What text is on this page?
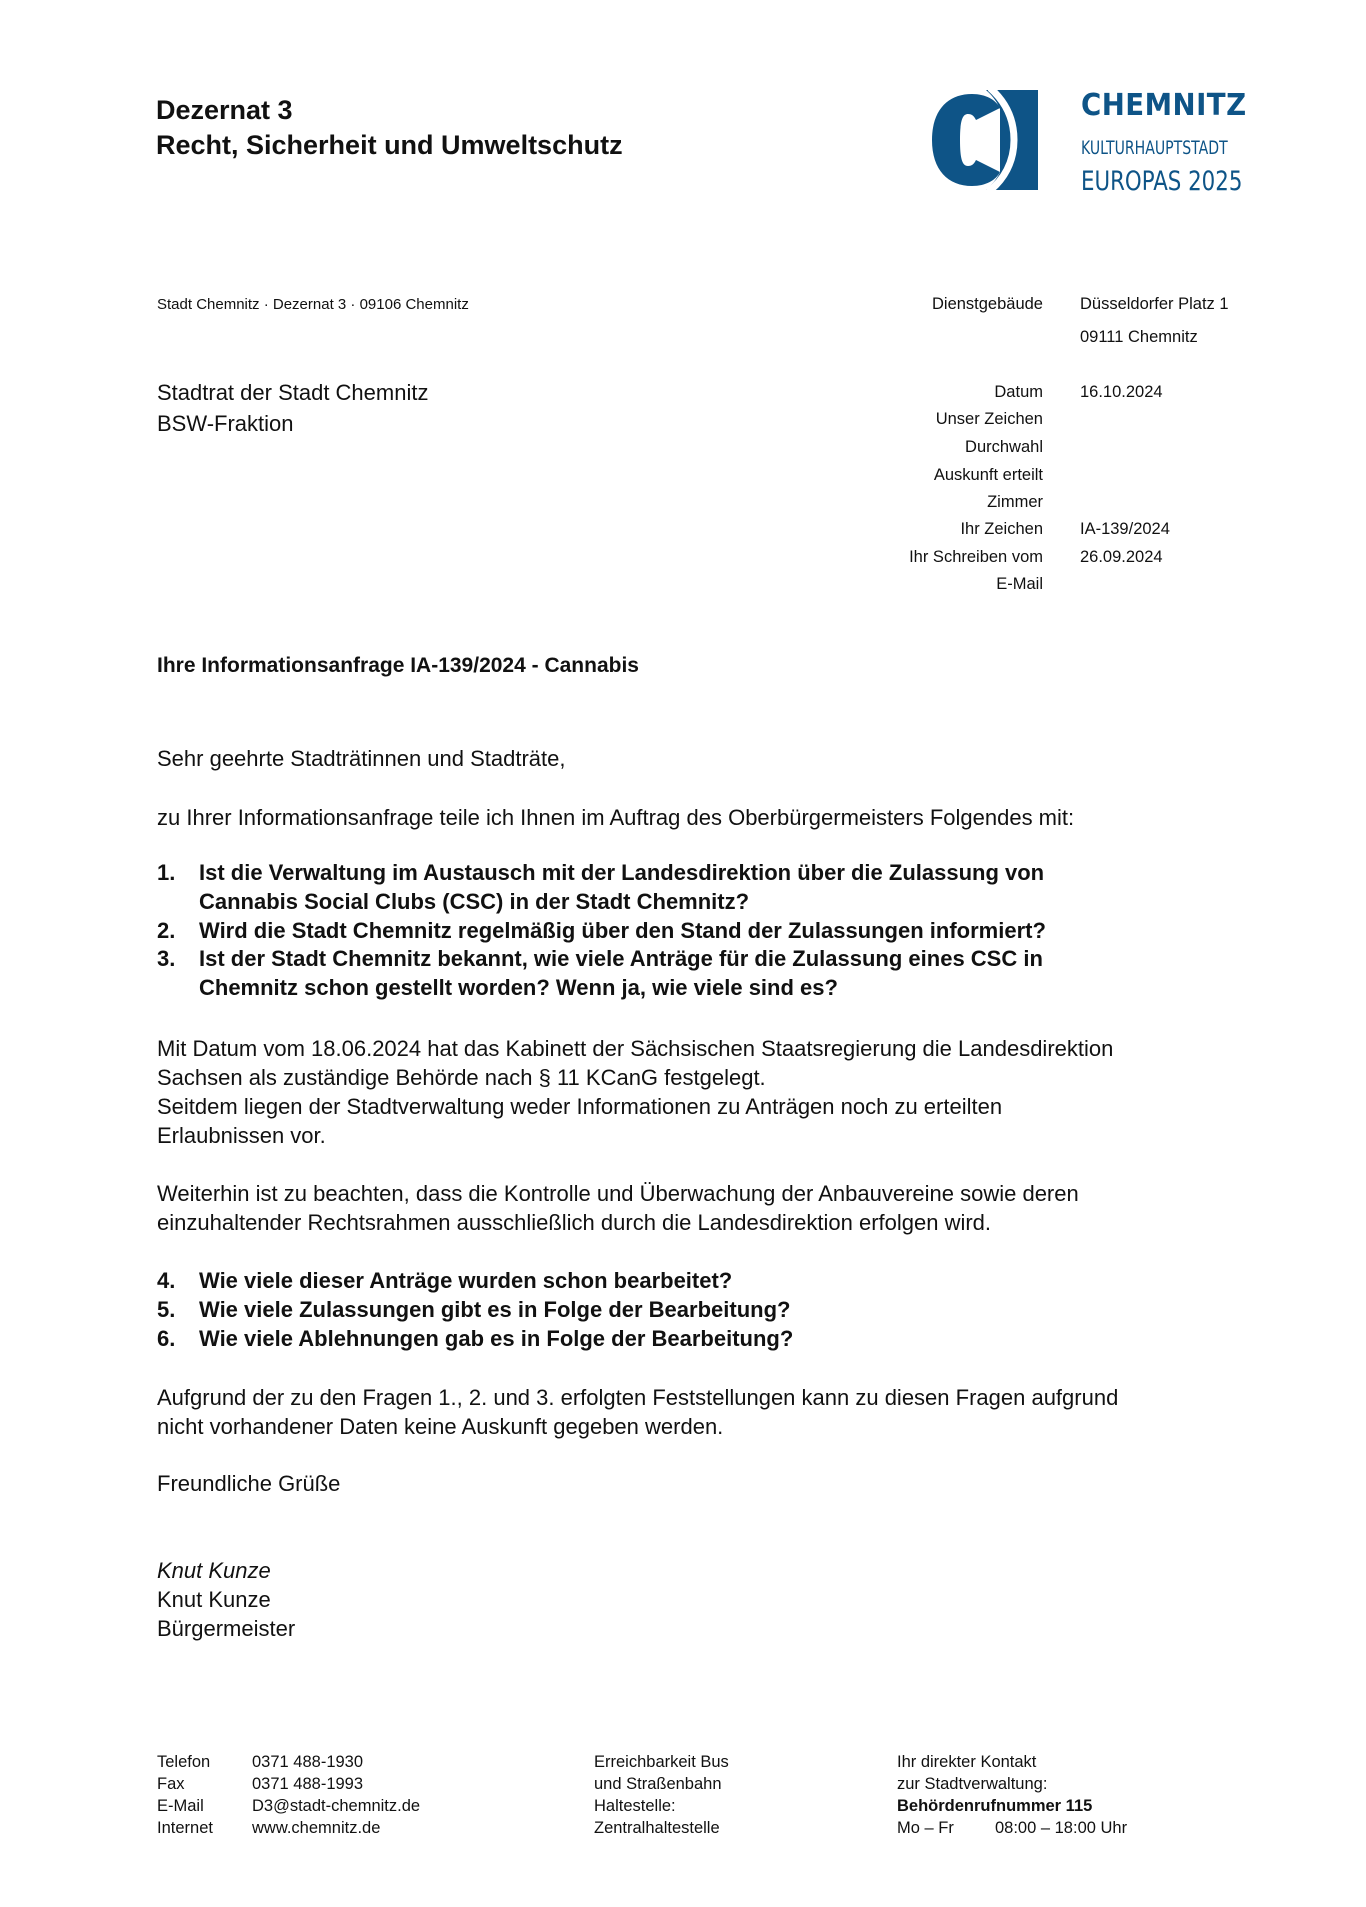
Dezernat 3
Recht, Sicherheit und Umweltschutz
CHEMNITZ
KULTURHAUPTSTADT
EUROPAS 2025
Stadt Chemnitz · Dezernat 3 · 09106 Chemnitz
Stadtrat der Stadt Chemnitz
BSW-Fraktion
Dienstgebäude Düsseldorfer Platz 1
09111 Chemnitz
Datum 16.10.2024
Unser Zeichen
Durchwahl
Auskunft erteilt
Zimmer
Ihr Zeichen IA-139/2024
Ihr Schreiben vom 26.09.2024
E-Mail
Ihre Informationsanfrage IA-139/2024 - Cannabis
Sehr geehrte Stadträtinnen und Stadträte,
zu Ihrer Informationsanfrage teile ich Ihnen im Auftrag des Oberbürgermeisters Folgendes mit:
1. Ist die Verwaltung im Austausch mit der Landesdirektion über die Zulassung von
Cannabis Social Clubs (CSC) in der Stadt Chemnitz?
2. Wird die Stadt Chemnitz regelmäßig über den Stand der Zulassungen informiert?
3. Ist der Stadt Chemnitz bekannt, wie viele Anträge für die Zulassung eines CSC in
Chemnitz schon gestellt worden? Wenn ja, wie viele sind es?
Mit Datum vom 18.06.2024 hat das Kabinett der Sächsischen Staatsregierung die Landesdirektion
Sachsen als zuständige Behörde nach § 11 KCanG festgelegt.
Seitdem liegen der Stadtverwaltung weder Informationen zu Anträgen noch zu erteilten
Erlaubnissen vor.
Weiterhin ist zu beachten, dass die Kontrolle und Überwachung der Anbauvereine sowie deren
einzuhaltender Rechtsrahmen ausschließlich durch die Landesdirektion erfolgen wird.
4. Wie viele dieser Anträge wurden schon bearbeitet?
5. Wie viele Zulassungen gibt es in Folge der Bearbeitung?
6. Wie viele Ablehnungen gab es in Folge der Bearbeitung?
Aufgrund der zu den Fragen 1., 2. und 3. erfolgten Feststellungen kann zu diesen Fragen aufgrund
nicht vorhandener Daten keine Auskunft gegeben werden.
Freundliche Grüße
Knut Kunze
Knut Kunze
Bürgermeister
Telefon	0371 488-1930
Fax	0371 488-1993
E-Mail	D3@stadt-chemnitz.de
Internet www.chemnitz.de
Erreichbarkeit Bus
und Straßenbahn
Haltestelle:
Zentralhaltestelle
Ihr direkter Kontakt
zur Stadtverwaltung:
Behördenrufnummer 115
Mo – Fr 08:00 – 18:00 Uhr
